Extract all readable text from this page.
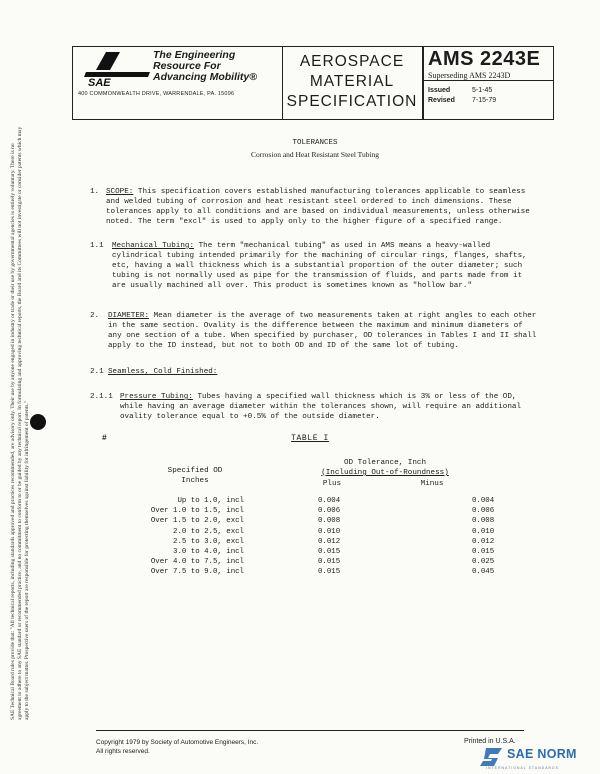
SAE
The Engineering
Resource For
Advancing Mobility®
400 COMMONWEALTH DRIVE, WARRENDALE, PA. 15096
AEROSPACE
MATERIAL
SPECIFICATION
AMS 2243E
Superseding AMS 2243D
Issued	5-1-45
Revised 7-15-79
TOLERANCES
Corrosion and Heat Resistant Steel Tubing
1. SCOPE: This specification covers established manufacturing tolerances applicable to seamless and welded tubing of corrosion and heat resistant steel ordered to inch dimensions. These tolerances apply to all conditions and are based on individual measurements, unless otherwise noted. The term "excl" is used to apply only to the higher figure of a specified range.
1.1 Mechanical Tubing: The term "mechanical tubing" as used in AMS means a heavy-walled cylindrical tubing intended primarily for the machining of circular rings, flanges, shafts, etc, having a wall thickness which is a substantial proportion of the outer diameter; such tubing is not normally used as pipe for the transmission of fluids, and parts made from it are usually machined all over. This product is sometimes known as "hollow bar."
2. DIAMETER: Mean diameter is the average of two measurements taken at right angles to each other in the same section. Ovality is the difference between the maximum and minimum diameters of any one section of a tube. When specified by purchaser, OD tolerances in Tables I and II shall apply to the ID instead, but not to both OD and ID of the same lot of tubing.
2.1 Seamless, Cold Finished:
2.1.1 Pressure Tubing: Tubes having a specified wall thickness which is 3% or less of the OD, while having an average diameter within the tolerances shown, will require an additional ovality tolerance equal to +0.5% of the outside diameter.
#	TABLE I
Specified OD
Inches
OD Tolerance, Inch
(Including Out-of-Roundness)
Plus	Minus
Up to 1.0, incl	0.004	0.004
Over 1.0 to 1.5, incl	0.006	0.006
Over 1.5 to 2.0, excl	0.008	0.008
2.0 to 2.5, excl	0.010	0.010
2.5 to 3.0, excl	0.012	0.012
3.0 to 4.0, incl	0.015	0.015
Over 4.0 to 7.5, incl	0.015	0.025
Over 7.5 to 9.0, incl	0.015	0.045
SAE Technical Board rules provide that: "All technical reports, including standards approved and practices recommended, are advisory only. Their use by anyone engaged in industry or trade or their use by governmental agencies is entirely voluntary. There is no agreement to adhere to any SAE standard or recommended practice, and no commitment to conform to or be guided by any technical report. In formulating and approving technical reports, the Board and its Committees will not investigate or consider patents which may apply to the subject matter. Prospective users of the report are responsible for protecting themselves against liability for infringement of patents."
Copyright 1979 by Society of Automotive Engineers, Inc.
All rights reserved.
Printed in U.S.A.
SAE NORM
INTERNATIONAL STANDARDS
